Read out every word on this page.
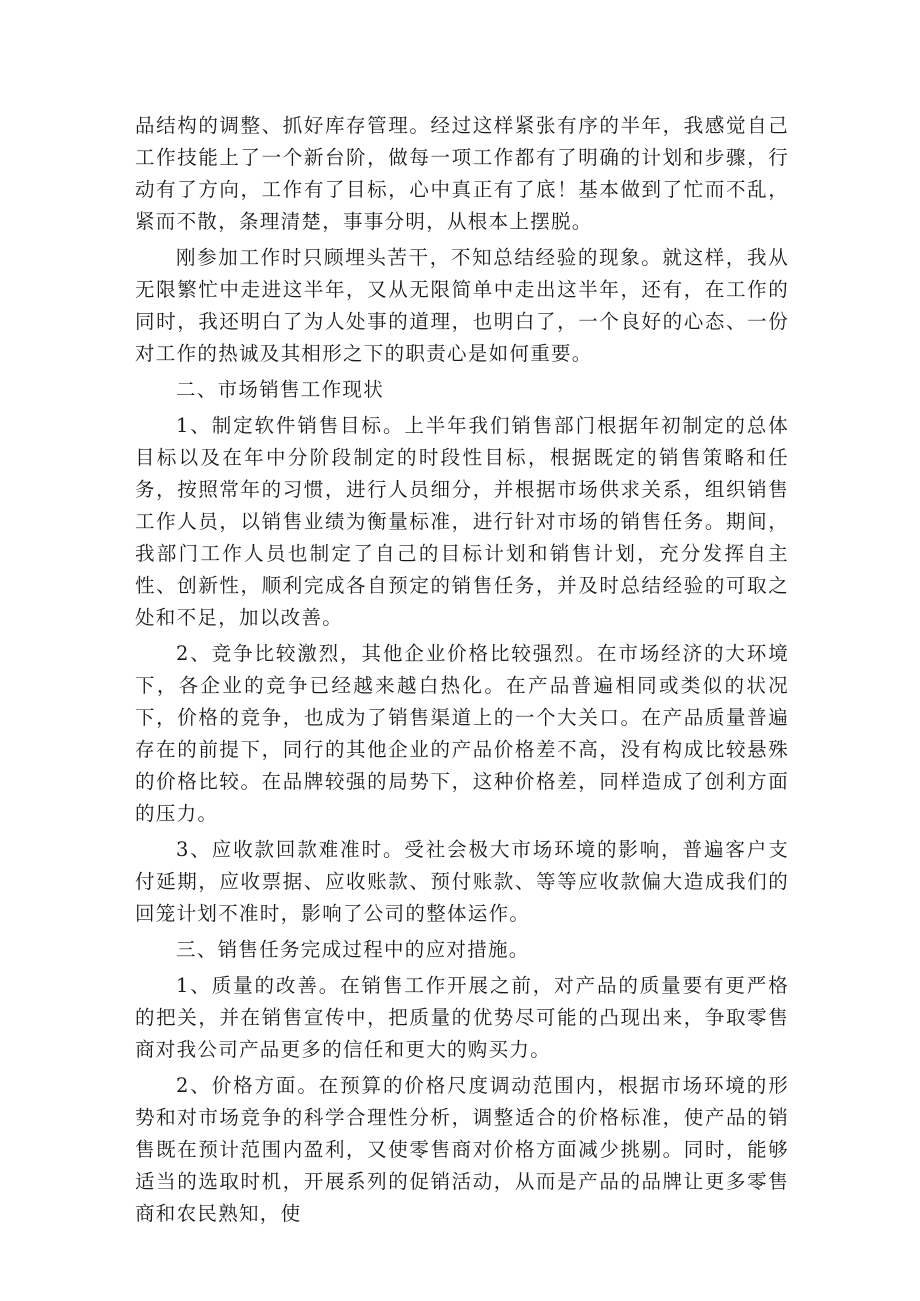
品结构的调整、抓好库存管理。经过这样紧张有序的半年，我感觉自己工作技能上了一个新台阶，做每一项工作都有了明确的计划和步骤，行动有了方向，工作有了目标，心中真正有了底！基本做到了忙而不乱，紧而不散，条理清楚，事事分明，从根本上摆脱。

刚参加工作时只顾埋头苦干，不知总结经验的现象。就这样，我从无限繁忙中走进这半年，又从无限简单中走出这半年，还有，在工作的同时，我还明白了为人处事的道理，也明白了，一个良好的心态、一份对工作的热诚及其相形之下的职责心是如何重要。

二、市场销售工作现状

1、制定软件销售目标。上半年我们销售部门根据年初制定的总体目标以及在年中分阶段制定的时段性目标，根据既定的销售策略和任务，按照常年的习惯，进行人员细分，并根据市场供求关系，组织销售工作人员，以销售业绩为衡量标准，进行针对市场的销售任务。期间，我部门工作人员也制定了自己的目标计划和销售计划，充分发挥自主性、创新性，顺利完成各自预定的销售任务，并及时总结经验的可取之处和不足，加以改善。

2、竞争比较激烈，其他企业价格比较强烈。在市场经济的大环境下，各企业的竞争已经越来越白热化。在产品普遍相同或类似的状况下，价格的竞争，也成为了销售渠道上的一个大关口。在产品质量普遍存在的前提下，同行的其他企业的产品价格差不高，没有构成比较悬殊的价格比较。在品牌较强的局势下，这种价格差，同样造成了创利方面的压力。

3、应收款回款难准时。受社会极大市场环境的影响，普遍客户支付延期，应收票据、应收账款、预付账款、等等应收款偏大造成我们的回笼计划不准时，影响了公司的整体运作。

三、销售任务完成过程中的应对措施。

1、质量的改善。在销售工作开展之前，对产品的质量要有更严格的把关，并在销售宣传中，把质量的优势尽可能的凸现出来，争取零售商对我公司产品更多的信任和更大的购买力。

2、价格方面。在预算的价格尺度调动范围内，根据市场环境的形势和对市场竞争的科学合理性分析，调整适合的价格标准，使产品的销售既在预计范围内盈利，又使零售商对价格方面减少挑剔。同时，能够适当的选取时机，开展系列的促销活动，从而是产品的品牌让更多零售商和农民熟知，使
